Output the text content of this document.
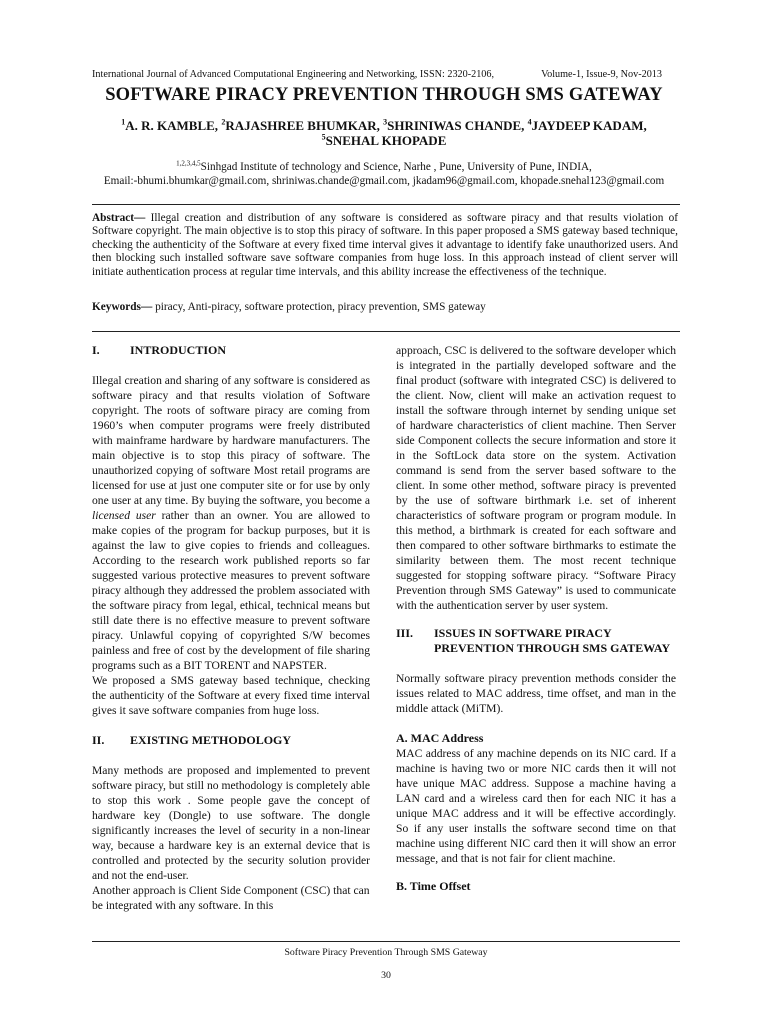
International Journal of Advanced Computational Engineering and Networking, ISSN: 2320-2106,	Volume-1, Issue-9, Nov-2013
SOFTWARE PIRACY PREVENTION THROUGH SMS GATEWAY
$^1$A. R. KAMBLE, $^2$RAJASHREE BHUMKAR, $^3$SHRINIWAS CHANDE, $^4$JAYDEEP KADAM,
$^5$SNEHAL KHOPADE
$^{1,2,3,4,5}$Sinhgad Institute of technology and Science, Narhe , Pune, University of Pune, INDIA,
Email:-bhumi.bhumkar@gmail.com, shriniwas.chande@gmail.com, jkadam96@gmail.com, khopade.snehal123@gmail.com
Abstract— Illegal creation and distribution of any software is considered as software piracy and that results violation of Software copyright. The main objective is to stop this piracy of software. In this paper proposed a SMS gateway based technique, checking the authenticity of the Software at every fixed time interval gives it advantage to identify fake unauthorized users. And then blocking such installed software save software companies from huge loss. In this approach instead of client server will initiate authentication process at regular time intervals, and this ability increase the effectiveness of the technique.
Keywords— piracy, Anti-piracy, software protection, piracy prevention, SMS gateway
I.	INTRODUCTION

Illegal creation and sharing of any software is considered as software piracy and that results violation of Software copyright. The roots of software piracy are coming from 1960’s when computer programs were freely distributed with mainframe hardware by hardware manufacturers. The main objective is to stop this piracy of software. The unauthorized copying of software Most retail programs are licensed for use at just one computer site or for use by only one user at any time. By buying the software, you become a licensed user rather than an owner. You are allowed to make copies of the program for backup purposes, but it is against the law to give copies to friends and colleagues. According to the research work published reports so far suggested various protective measures to prevent software piracy although they addressed the problem associated with the software piracy from legal, ethical, technical means but still date there is no effective measure to prevent software piracy. Unlawful copying of copyrighted S/W becomes painless and free of cost by the development of file sharing programs such as a BIT TORENT and NAPSTER.

We proposed a SMS gateway based technique, checking the authenticity of the Software at every fixed time interval gives it save software companies from huge loss.

II.	EXISTING METHODOLOGY

Many methods are proposed and implemented to prevent software piracy, but still no methodology is completely able to stop this work . Some people gave the concept of hardware key (Dongle) to use software. The dongle significantly increases the level of security in a non-linear way, because a hardware key is an external device that is controlled and protected by the security solution provider and not the end-user.

Another approach is Client Side Component (CSC) that can be integrated with any software. In this

approach, CSC is delivered to the software developer which is integrated in the partially developed software and the final product (software with integrated CSC) is delivered to the client. Now, client will make an activation request to install the software through internet by sending unique set of hardware characteristics of client machine. Then Server side Component collects the secure information and store it in the SoftLock data store on the system. Activation command is send from the server based software to the client. In some other method, software piracy is prevented by the use of software birthmark i.e. set of inherent characteristics of software program or program module. In this method, a birthmark is created for each software and then compared to other software birthmarks to estimate the similarity between them. The most recent technique suggested for stopping software piracy. “Software Piracy Prevention through SMS Gateway” is used to communicate with the authentication server by user system.

III.	ISSUES IN SOFTWARE PIRACY PREVENTION THROUGH SMS GATEWAY

Normally software piracy prevention methods consider the issues related to MAC address, time offset, and man in the middle attack (MiTM).

A. MAC Address

MAC address of any machine depends on its NIC card. If a machine is having two or more NIC cards then it will not have unique MAC address. Suppose a machine having a LAN card and a wireless card then for each NIC it has a unique MAC address and it will be effective accordingly. So if any user installs the software second time on that machine using different NIC card then it will show an error message, and that is not fair for client machine.

B. Time Offset

Software Piracy Prevention Through SMS Gateway
30
